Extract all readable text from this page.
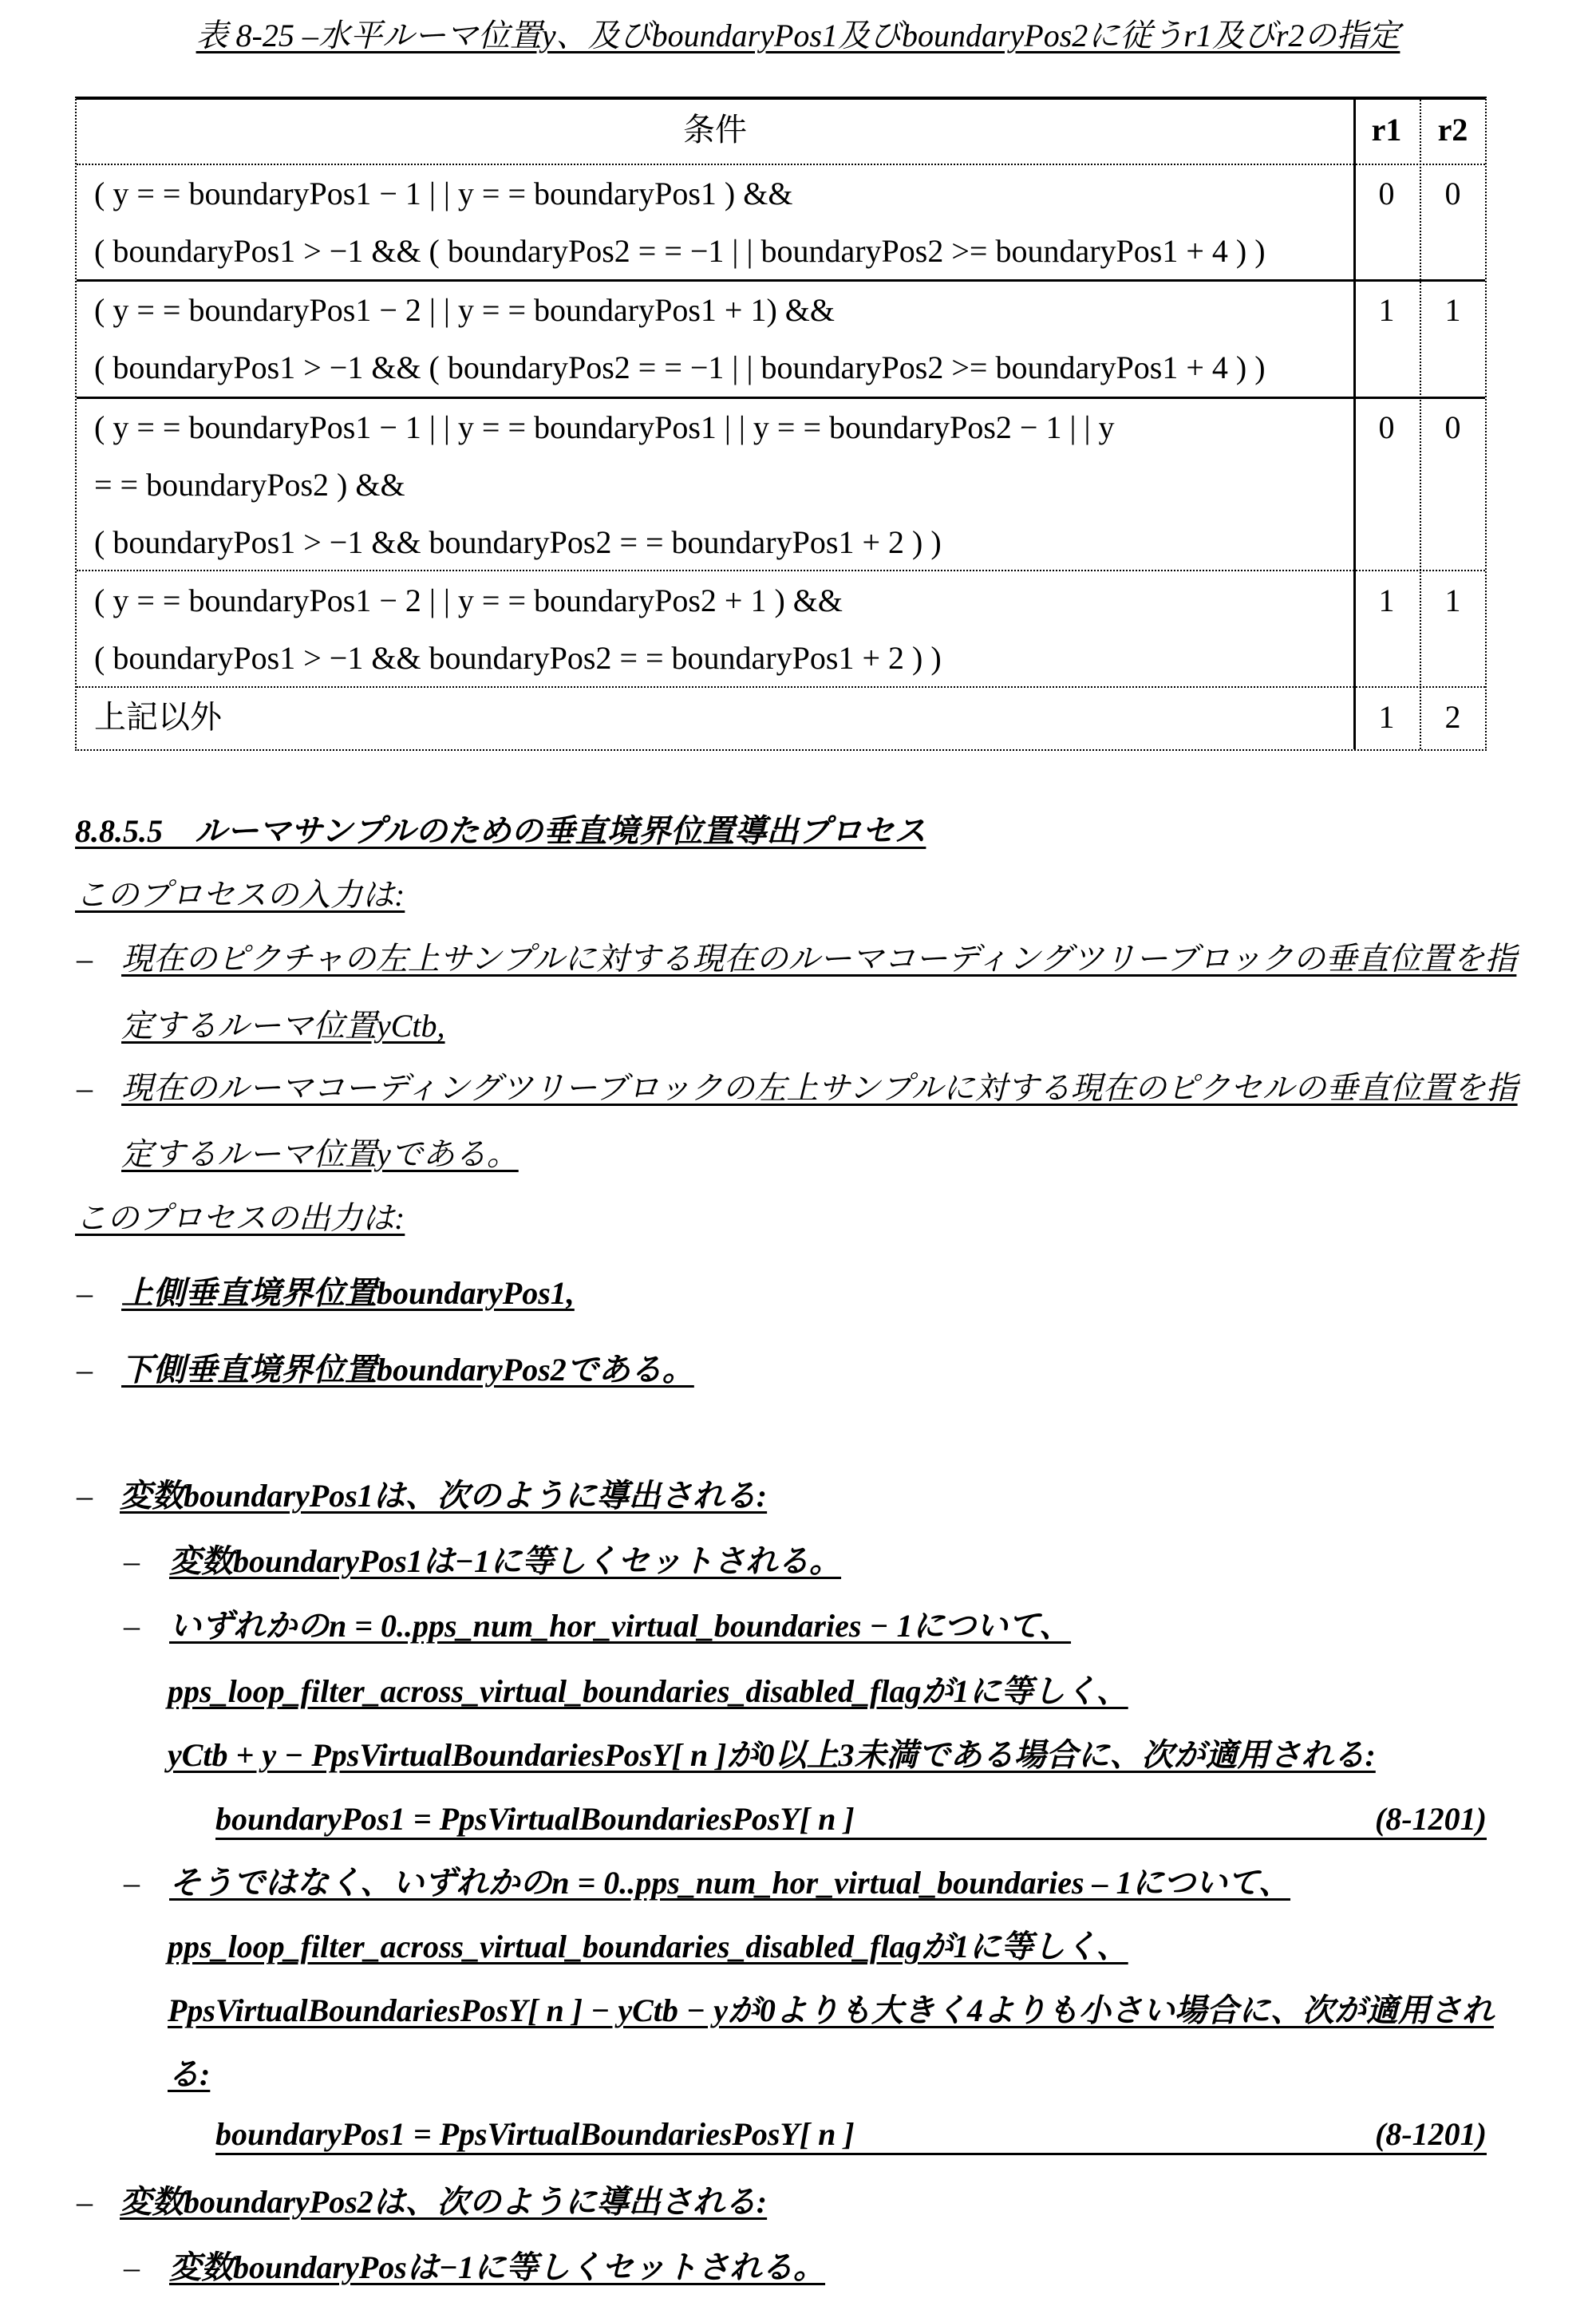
表 8-25 –水平ルーマ位置y、及びboundaryPos1及びboundaryPos2に従うr1及びr2の指定
条件	r1	r2
( y = = boundaryPos1 − 1 | | y = = boundaryPos1 ) &&
( boundaryPos1 > −1 && ( boundaryPos2 = = −1 | | boundaryPos2 >= boundaryPos1 + 4 ) )
0	0
( y = = boundaryPos1 − 2 | | y = = boundaryPos1 + 1) &&
( boundaryPos1 > −1 && ( boundaryPos2 = = −1 | | boundaryPos2 >= boundaryPos1 + 4 ) )
1	1
( y = = boundaryPos1 − 1 | | y = = boundaryPos1 | | y = = boundaryPos2 − 1 | | y
= = boundaryPos2 ) &&
( boundaryPos1 > −1 && boundaryPos2 = = boundaryPos1 + 2 ) )
0	0
( y = = boundaryPos1 − 2 | | y = = boundaryPos2 + 1 ) &&
( boundaryPos1 > −1 && boundaryPos2 = = boundaryPos1 + 2 ) )
1	1
上記以外	1	2
8.8.5.5　ルーマサンプルのための垂直境界位置導出プロセス
このプロセスの入力は:
– 現在のピクチャの左上サンプルに対する現在のルーマコーディングツリーブロックの垂直位置を指
定するルーマ位置yCtb,
– 現在のルーマコーディングツリーブロックの左上サンプルに対する現在のピクセルの垂直位置を指
定するルーマ位置yである。
このプロセスの出力は:
– 上側垂直境界位置boundaryPos1,
– 下側垂直境界位置boundaryPos2である。
– 変数boundaryPos1は、次のように導出される:
– 変数boundaryPos1は−1に等しくセットされる。
– いずれかのn = 0..pps_num_hor_virtual_boundaries − 1について、
pps_loop_filter_across_virtual_boundaries_disabled_flagが1に等しく、
yCtb + y − PpsVirtualBoundariesPosY[ n ]が0以上3未満である場合に、次が適用される:
boundaryPos1 = PpsVirtualBoundariesPosY[ n ]	(8-1201)
– そうではなく、いずれかのn = 0..pps_num_hor_virtual_boundaries – 1について、
pps_loop_filter_across_virtual_boundaries_disabled_flagが1に等しく、
PpsVirtualBoundariesPosY[ n ] − yCtb − yが0よりも大きく4よりも小さい場合に、次が適用され
る:
boundaryPos1 = PpsVirtualBoundariesPosY[ n ]	(8-1201)
– 変数boundaryPos2は、次のように導出される:
– 変数boundaryPosは−1に等しくセットされる。
